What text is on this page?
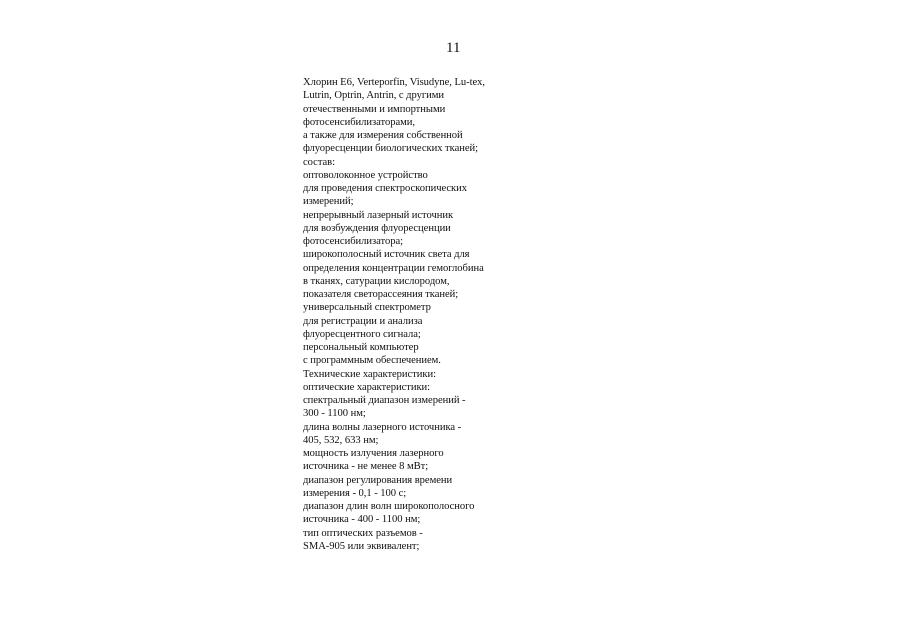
11
Хлорин Е6, Verteporfin, Visudyne, Lu-tex,
Lutrin, Optrin, Antrin, с другими
отечественными и импортными
фотосенсибилизаторами,
а также для измерения собственной
флуоресценции биологических тканей;
состав:
оптоволоконное устройство
для проведения спектроскопических
измерений;
непрерывный лазерный источник
для возбуждения флуоресценции
фотосенсибилизатора;
широкополосный источник света для
определения концентрации гемоглобина
в тканях, сатурации кислородом,
показателя светорассеяния тканей;
универсальный спектрометр
для регистрации и анализа
флуоресцентного сигнала;
персональный компьютер
с программным обеспечением.
Технические характеристики:
оптические характеристики:
спектральный диапазон измерений -
300 - 1100 нм;
длина волны лазерного источника -
405, 532, 633 нм;
мощность излучения лазерного
источника - не менее 8 мВт;
диапазон регулирования времени
измерения - 0,1 - 100 с;
диапазон длин волн широкополосного
источника - 400 - 1100 нм;
тип оптических разъемов -
SMA-905 или эквивалент;
